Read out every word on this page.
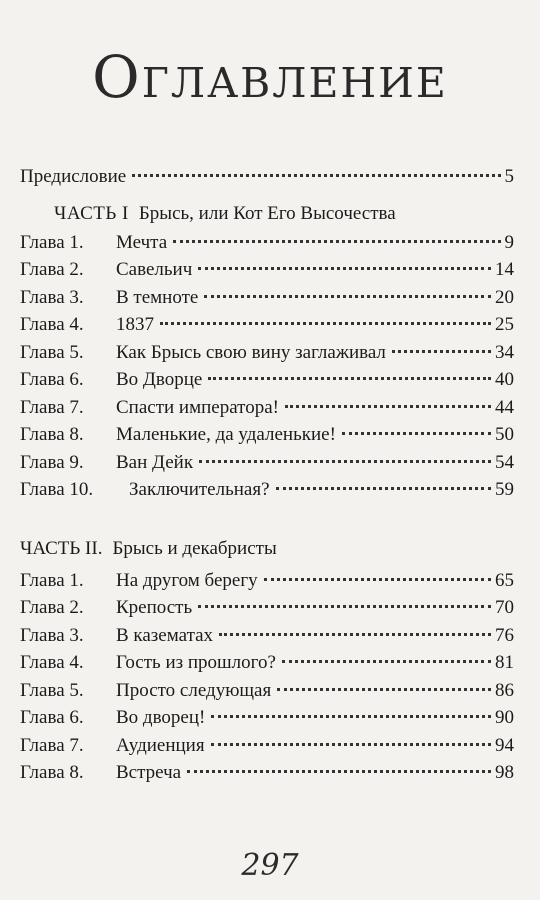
Оглавление
Предисловие	5
ЧАСТЬ I Брысь, или Кот Его Высочества
Глава 1. Мечта	9
Глава 2. Савельич	14
Глава 3. В темноте	20
Глава 4. 1837	25
Глава 5. Как Брысь свою вину заглаживал	34
Глава 6. Во Дворце	40
Глава 7. Спасти императора!	44
Глава 8. Маленькие, да удаленькие!	50
Глава 9. Ван Дейк	54
Глава 10. Заключительная?	59
ЧАСТЬ II. Брысь и декабристы
Глава 1. На другом берегу	65
Глава 2. Крепость	70
Глава 3. В казематах	76
Глава 4. Гость из прошлого?	81
Глава 5. Просто следующая	86
Глава 6. Во дворец!	90
Глава 7. Аудиенция	94
Глава 8. Встреча	98
297
